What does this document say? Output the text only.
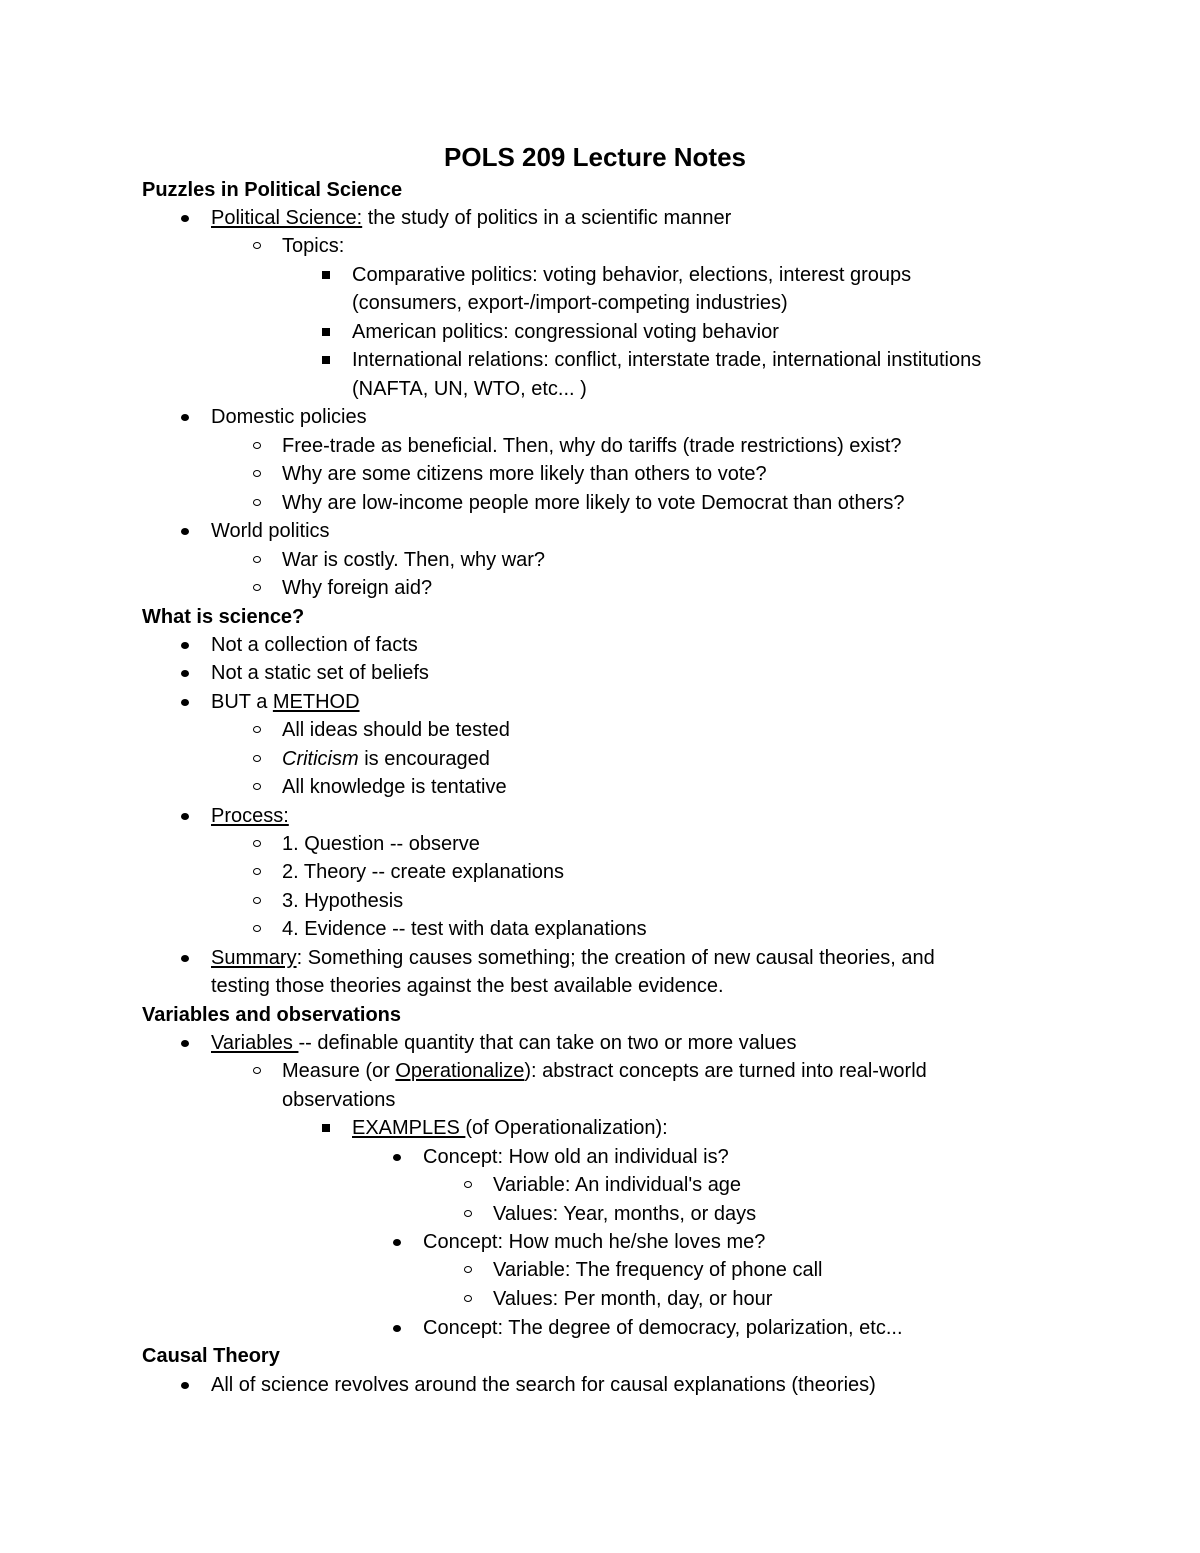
POLS 209 Lecture Notes
Puzzles in Political Science
Political Science: the study of politics in a scientific manner
Topics:
Comparative politics: voting behavior, elections, interest groups
(consumers, export-/import-competing industries)
American politics: congressional voting behavior
International relations: conflict, interstate trade, international institutions
(NAFTA, UN, WTO, etc... )
Domestic policies
Free-trade as beneficial. Then, why do tariffs (trade restrictions) exist?
Why are some citizens more likely than others to vote?
Why are low-income people more likely to vote Democrat than others?
World politics
War is costly. Then, why war?
Why foreign aid?
What is science?
Not a collection of facts
Not a static set of beliefs
BUT a METHOD
All ideas should be tested
Criticism is encouraged
All knowledge is tentative
Process:
1. Question -- observe
2. Theory -- create explanations
3. Hypothesis
4. Evidence -- test with data explanations
Summary: Something causes something; the creation of new causal theories, and
testing those theories against the best available evidence.
Variables and observations
Variables -- definable quantity that can take on two or more values
Measure (or Operationalize): abstract concepts are turned into real-world
observations
EXAMPLES (of Operationalization):
Concept: How old an individual is?
Variable: An individual's age
Values: Year, months, or days
Concept: How much he/she loves me?
Variable: The frequency of phone call
Values: Per month, day, or hour
Concept: The degree of democracy, polarization, etc...
Causal Theory
All of science revolves around the search for causal explanations (theories)
